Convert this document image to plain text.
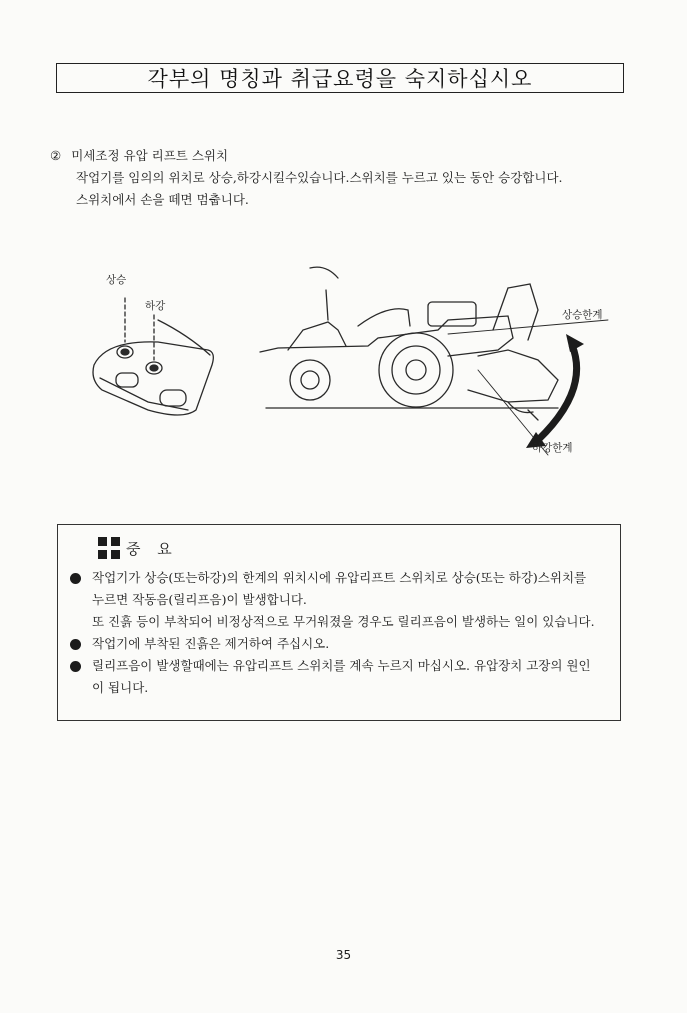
각부의 명칭과 취급요령을 숙지하십시오
② 미세조정 유압 리프트 스위치

작업기를 임의의 위치로 상승,하강시킬수있습니다.스위치를 누르고 있는 동안 승강합니다.

스위치에서 손을 떼면 멈춥니다.

상승
하강
상승한계
하강한계
중 요

작업기가 상승(또는하강)의 한계의 위치시에 유압리프트 스위치로 상승(또는 하강)스위치를 누르면 작동음(릴리프음)이 발생합니다.

또 진흙 등이 부착되어 비정상적으로 무거워졌을 경우도 릴리프음이 발생하는 일이 있습니다.

작업기에 부착된 진흙은 제거하여 주십시오.

릴리프음이 발생할때에는 유압리프트 스위치를 계속 누르지 마십시오. 유압장치 고장의 원인이 됩니다.

35
